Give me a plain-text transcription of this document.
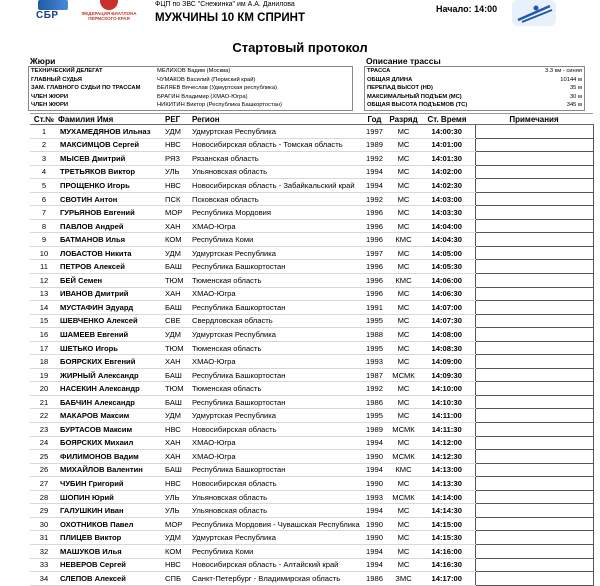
СБР	ФЕДЕРАЦИЯ БИАТЛОНА ПЕРМСКОГО КРАЯ
ФЦП по ЗВС "Снежинка" им А.А. Данилова
МУЖЧИНЫ 10 КМ СПРИНТ
Начало: 14:00
Стартовый протокол
Жюри
ТЕХНИЧЕСКИЙ ДЕЛЕГАТ	МЕЛИХОВ Вадим (Москва)
ГЛАВНЫЙ СУДЬЯ	ЧУМАКОВ Василий (Пермский край)
ЗАМ. ГЛАВНОГО СУДЬИ ПО ТРАССАМ	БЕЛЯЕВ Вячеслав (Удмуртская республика)
ЧЛЕН ЖЮРИ	БРАГИН Владимир (ХМАО-Югра)
ЧЛЕН ЖЮРИ	НИКИТИН Виктор (Республика Башкортостан)
Описание трассы
ТРАССА	3.3 км - синяя
ОБЩАЯ ДЛИНА	10144 м
ПЕРЕПАД ВЫСОТ (HD)	35 м
МАКСИМАЛЬНЫЙ ПОДЪЕМ (MC)	30 м
ОБЩАЯ ВЫСОТА ПОДЪЕМОВ (TC)	345 м
Ст.№	Фамилия Имя	РЕГ	Регион	Год	Разряд	Ст. Время	Примечания
1	МУХАМЕДЯНОВ Ильназ	УДМ	Удмуртская Республика	1997	МС	14:00:30	
2	МАКСИМЦОВ Сергей	НВС	Новосибирская область - Томская область	1989	МС	14:01:00	
3	МЫСЕВ Дмитрий	РЯЗ	Рязанская область	1992	МС	14:01:30	
4	ТРЕТЬЯКОВ Виктор	УЛЬ	Ульяновская область	1994	МС	14:02:00	
5	ПРОЩЕНКО Игорь	НВС	Новосибирская область - Забайкальский край	1994	МС	14:02:30	
6	СВОТИН Антон	ПСК	Псковская область	1992	МС	14:03:00	
7	ГУРЬЯНОВ Евгений	МОР	Республика Мордовия	1996	МС	14:03:30	
8	ПАВЛОВ Андрей	ХАН	ХМАО-Югра	1996	МС	14:04:00	
9	БАТМАНОВ Илья	КОМ	Республика Коми	1996	КМС	14:04:30	
10	ЛОБАСТОВ Никита	УДМ	Удмуртская Республика	1997	МС	14:05:00	
11	ПЕТРОВ Алексей	БАШ	Республика Башкортостан	1996	МС	14:05:30	
12	БЕЙ Семен	ТЮМ	Тюменская область	1996	КМС	14:06:00	
13	ИВАНОВ Дмитрий	ХАН	ХМАО-Югра	1996	МС	14:06:30	
14	МУСТАФИН Эдуард	БАШ	Республика Башкортостан	1991	МС	14:07:00	
15	ШЕВЧЕНКО Алексей	СВЕ	Свердловская область	1995	МС	14:07:30	
16	ШАМЕЕВ Евгений	УДМ	Удмуртская Республика	1988	МС	14:08:00	
17	ШЕТЬКО Игорь	ТЮМ	Тюменская область	1995	МС	14:08:30	
18	БОЯРСКИХ Евгений	ХАН	ХМАО-Югра	1993	МС	14:09:00	
19	ЖИРНЫЙ Александр	БАШ	Республика Башкортостан	1987	МСМК	14:09:30	
20	НАСЕКИН Александр	ТЮМ	Тюменская область	1992	МС	14:10:00	
21	БАБЧИН Александр	БАШ	Республика Башкортостан	1986	МС	14:10:30	
22	МАКАРОВ Максим	УДМ	Удмуртская Республика	1995	МС	14:11:00	
23	БУРТАСОВ Максим	НВС	Новосибирская область	1989	МСМК	14:11:30	
24	БОЯРСКИХ Михаил	ХАН	ХМАО-Югра	1994	МС	14:12:00	
25	ФИЛИМОНОВ Вадим	ХАН	ХМАО-Югра	1990	МСМК	14:12:30	
26	МИХАЙЛОВ Валентин	БАШ	Республика Башкортостан	1994	КМС	14:13:00	
27	ЧУБИН Григорий	НВС	Новосибирская область	1990	МС	14:13:30	
28	ШОПИН Юрий	УЛЬ	Ульяновская область	1993	МСМК	14:14:00	
29	ГАЛУШКИН Иван	УЛЬ	Ульяновская область	1994	МС	14:14:30	
30	ОХОТНИКОВ Павел	МОР	Республика Мордовия - Чувашская Республика	1990	МС	14:15:00	
31	ПЛИЦЕВ Виктор	УДМ	Удмуртская Республика	1990	МС	14:15:30	
32	МАШУКОВ Илья	КОМ	Республика Коми	1994	МС	14:16:00	
33	НЕВЕРОВ Сергей	НВС	Новосибирская область - Алтайский край	1994	МС	14:16:30	
34	СЛЕПОВ Алексей	СПБ	Санкт-Петербург - Владимирская область	1986	ЗМС	14:17:00	
